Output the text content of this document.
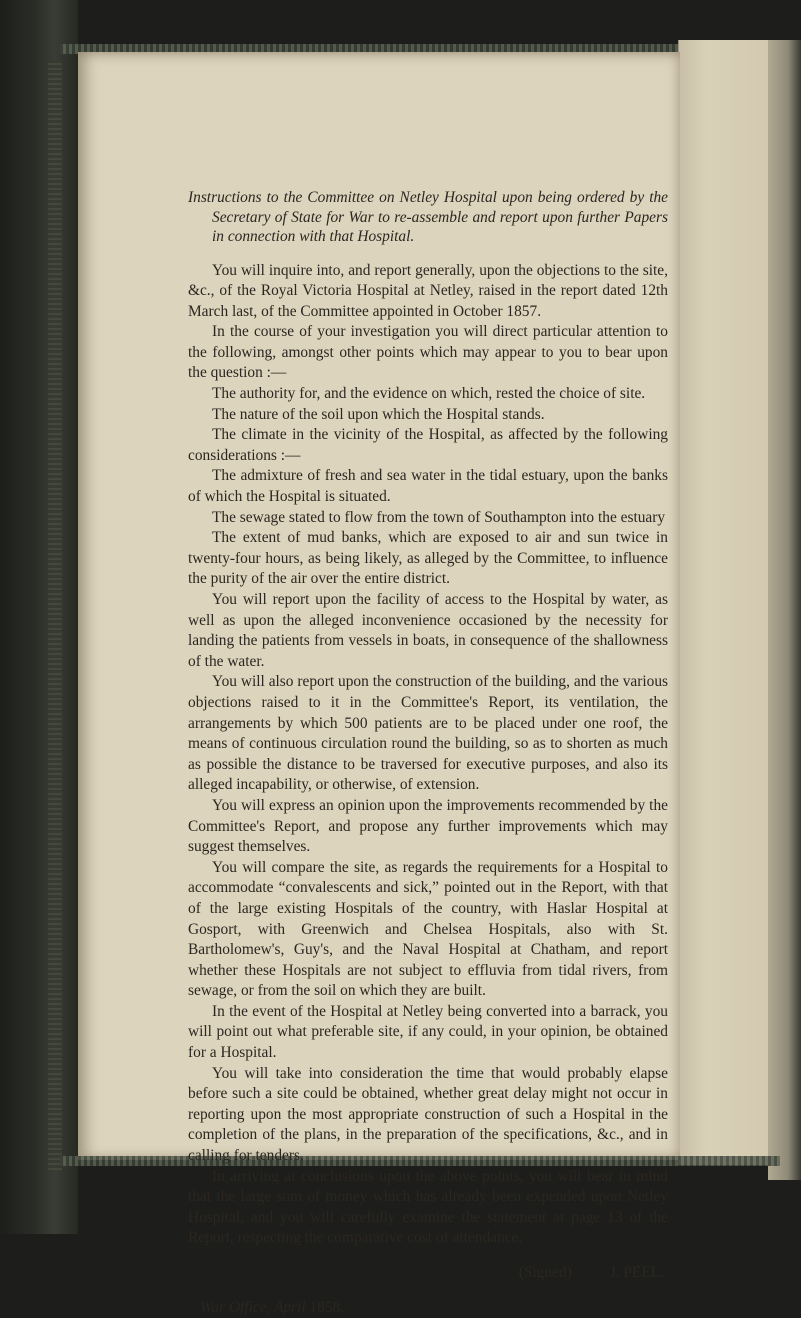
Instructions to the Committee on Netley Hospital upon being ordered by the Secretary of State for War to re-assemble and report upon further Papers in connection with that Hospital.

You will inquire into, and report generally, upon the objections to the site, &c., of the Royal Victoria Hospital at Netley, raised in the report dated 12th March last, of the Committee appointed in October 1857.

In the course of your investigation you will direct particular attention to the following, amongst other points which may appear to you to bear upon the question :—

The authority for, and the evidence on which, rested the choice of site.

The nature of the soil upon which the Hospital stands.

The climate in the vicinity of the Hospital, as affected by the following considerations :—

The admixture of fresh and sea water in the tidal estuary, upon the banks of which the Hospital is situated.

The sewage stated to flow from the town of Southampton into the estuary

The extent of mud banks, which are exposed to air and sun twice in twenty-four hours, as being likely, as alleged by the Committee, to influence the purity of the air over the entire district.

You will report upon the facility of access to the Hospital by water, as well as upon the alleged inconvenience occasioned by the necessity for landing the patients from vessels in boats, in consequence of the shallowness of the water.

You will also report upon the construction of the building, and the various objections raised to it in the Committee's Report, its ventilation, the arrangements by which 500 patients are to be placed under one roof, the means of continuous circulation round the building, so as to shorten as much as possible the distance to be traversed for executive purposes, and also its alleged incapability, or otherwise, of extension.

You will express an opinion upon the improvements recommended by the Committee's Report, and propose any further improvements which may suggest themselves.

You will compare the site, as regards the requirements for a Hospital to accommodate “convalescents and sick,” pointed out in the Report, with that of the large existing Hospitals of the country, with Haslar Hospital at Gosport, with Greenwich and Chelsea Hospitals, also with St. Bartholomew's, Guy's, and the Naval Hospital at Chatham, and report whether these Hospitals are not subject to effluvia from tidal rivers, from sewage, or from the soil on which they are built.

In the event of the Hospital at Netley being converted into a barrack, you will point out what preferable site, if any could, in your opinion, be obtained for a Hospital.

You will take into consideration the time that would probably elapse before such a site could be obtained, whether great delay might not occur in reporting upon the most appropriate construction of such a Hospital in the completion of the plans, in the preparation of the specifications, &c., and in calling for tenders.

In arriving at conclusions upon the above points, you will bear in mind that the large sum of money which has already been expended upon Netley Hospital, and you will carefully examine the statement at page 13 of the Report, respecting the comparative cost of attendance.

(Signed) J. PEEL.
War Office, April 1858.
